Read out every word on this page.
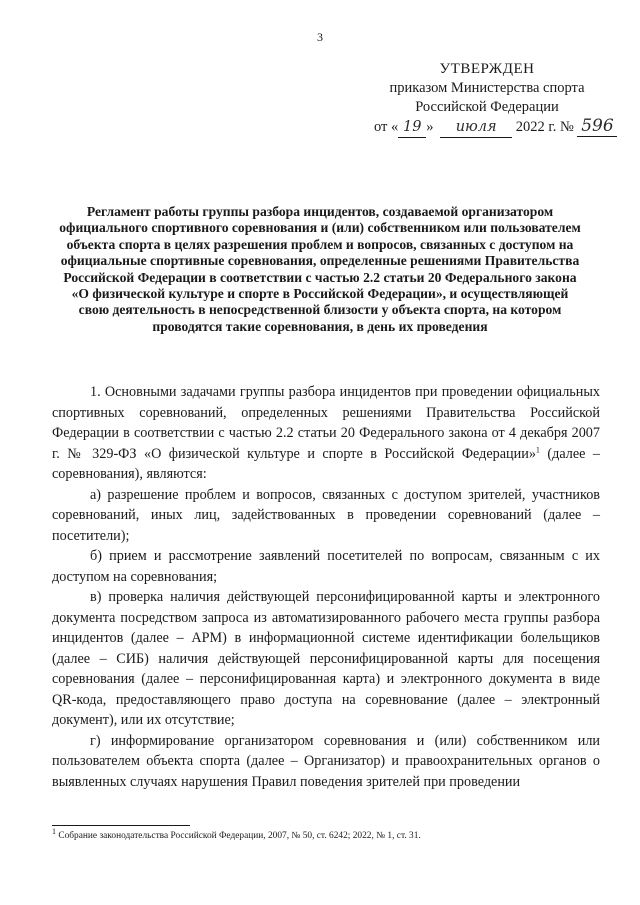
3
УТВЕРЖДЕН
приказом Министерства спорта
Российской Федерации
от « 19 » июля 2022 г. № 596
Регламент работы группы разбора инцидентов, создаваемой организатором официального спортивного соревнования и (или) собственником или пользователем объекта спорта в целях разрешения проблем и вопросов, связанных с доступом на официальные спортивные соревнования, определенные решениями Правительства Российской Федерации в соответствии с частью 2.2 статьи 20 Федерального закона «О физической культуре и спорте в Российской Федерации», и осуществляющей свою деятельность в непосредственной близости у объекта спорта, на котором проводятся такие соревнования, в день их проведения

1. Основными задачами группы разбора инцидентов при проведении официальных спортивных соревнований, определенных решениями Правительства Российской Федерации в соответствии с частью 2.2 статьи 20 Федерального закона от 4 декабря 2007 г. № 329-ФЗ «О физической культуре и спорте в Российской Федерации»$^1$ (далее – соревнования), являются:

а) разрешение проблем и вопросов, связанных с доступом зрителей, участников соревнований, иных лиц, задействованных в проведении соревнований (далее – посетители);

б) прием и рассмотрение заявлений посетителей по вопросам, связанным с их доступом на соревнования;

в) проверка наличия действующей персонифицированной карты и электронного документа посредством запроса из автоматизированного рабочего места группы разбора инцидентов (далее – АРМ) в информационной системе идентификации болельщиков (далее – СИБ) наличия действующей персонифицированной карты для посещения соревнования (далее – персонифицированная карта) и электронного документа в виде QR-кода, предоставляющего право доступа на соревнование (далее – электронный документ), или их отсутствие;

г) информирование организатором соревнования и (или) собственником или пользователем объекта спорта (далее – Организатор) и правоохранительных органов о выявленных случаях нарушения Правил поведения зрителей при проведении

$^1$ Собрание законодательства Российской Федерации, 2007, № 50, ст. 6242; 2022, № 1, ст. 31.
